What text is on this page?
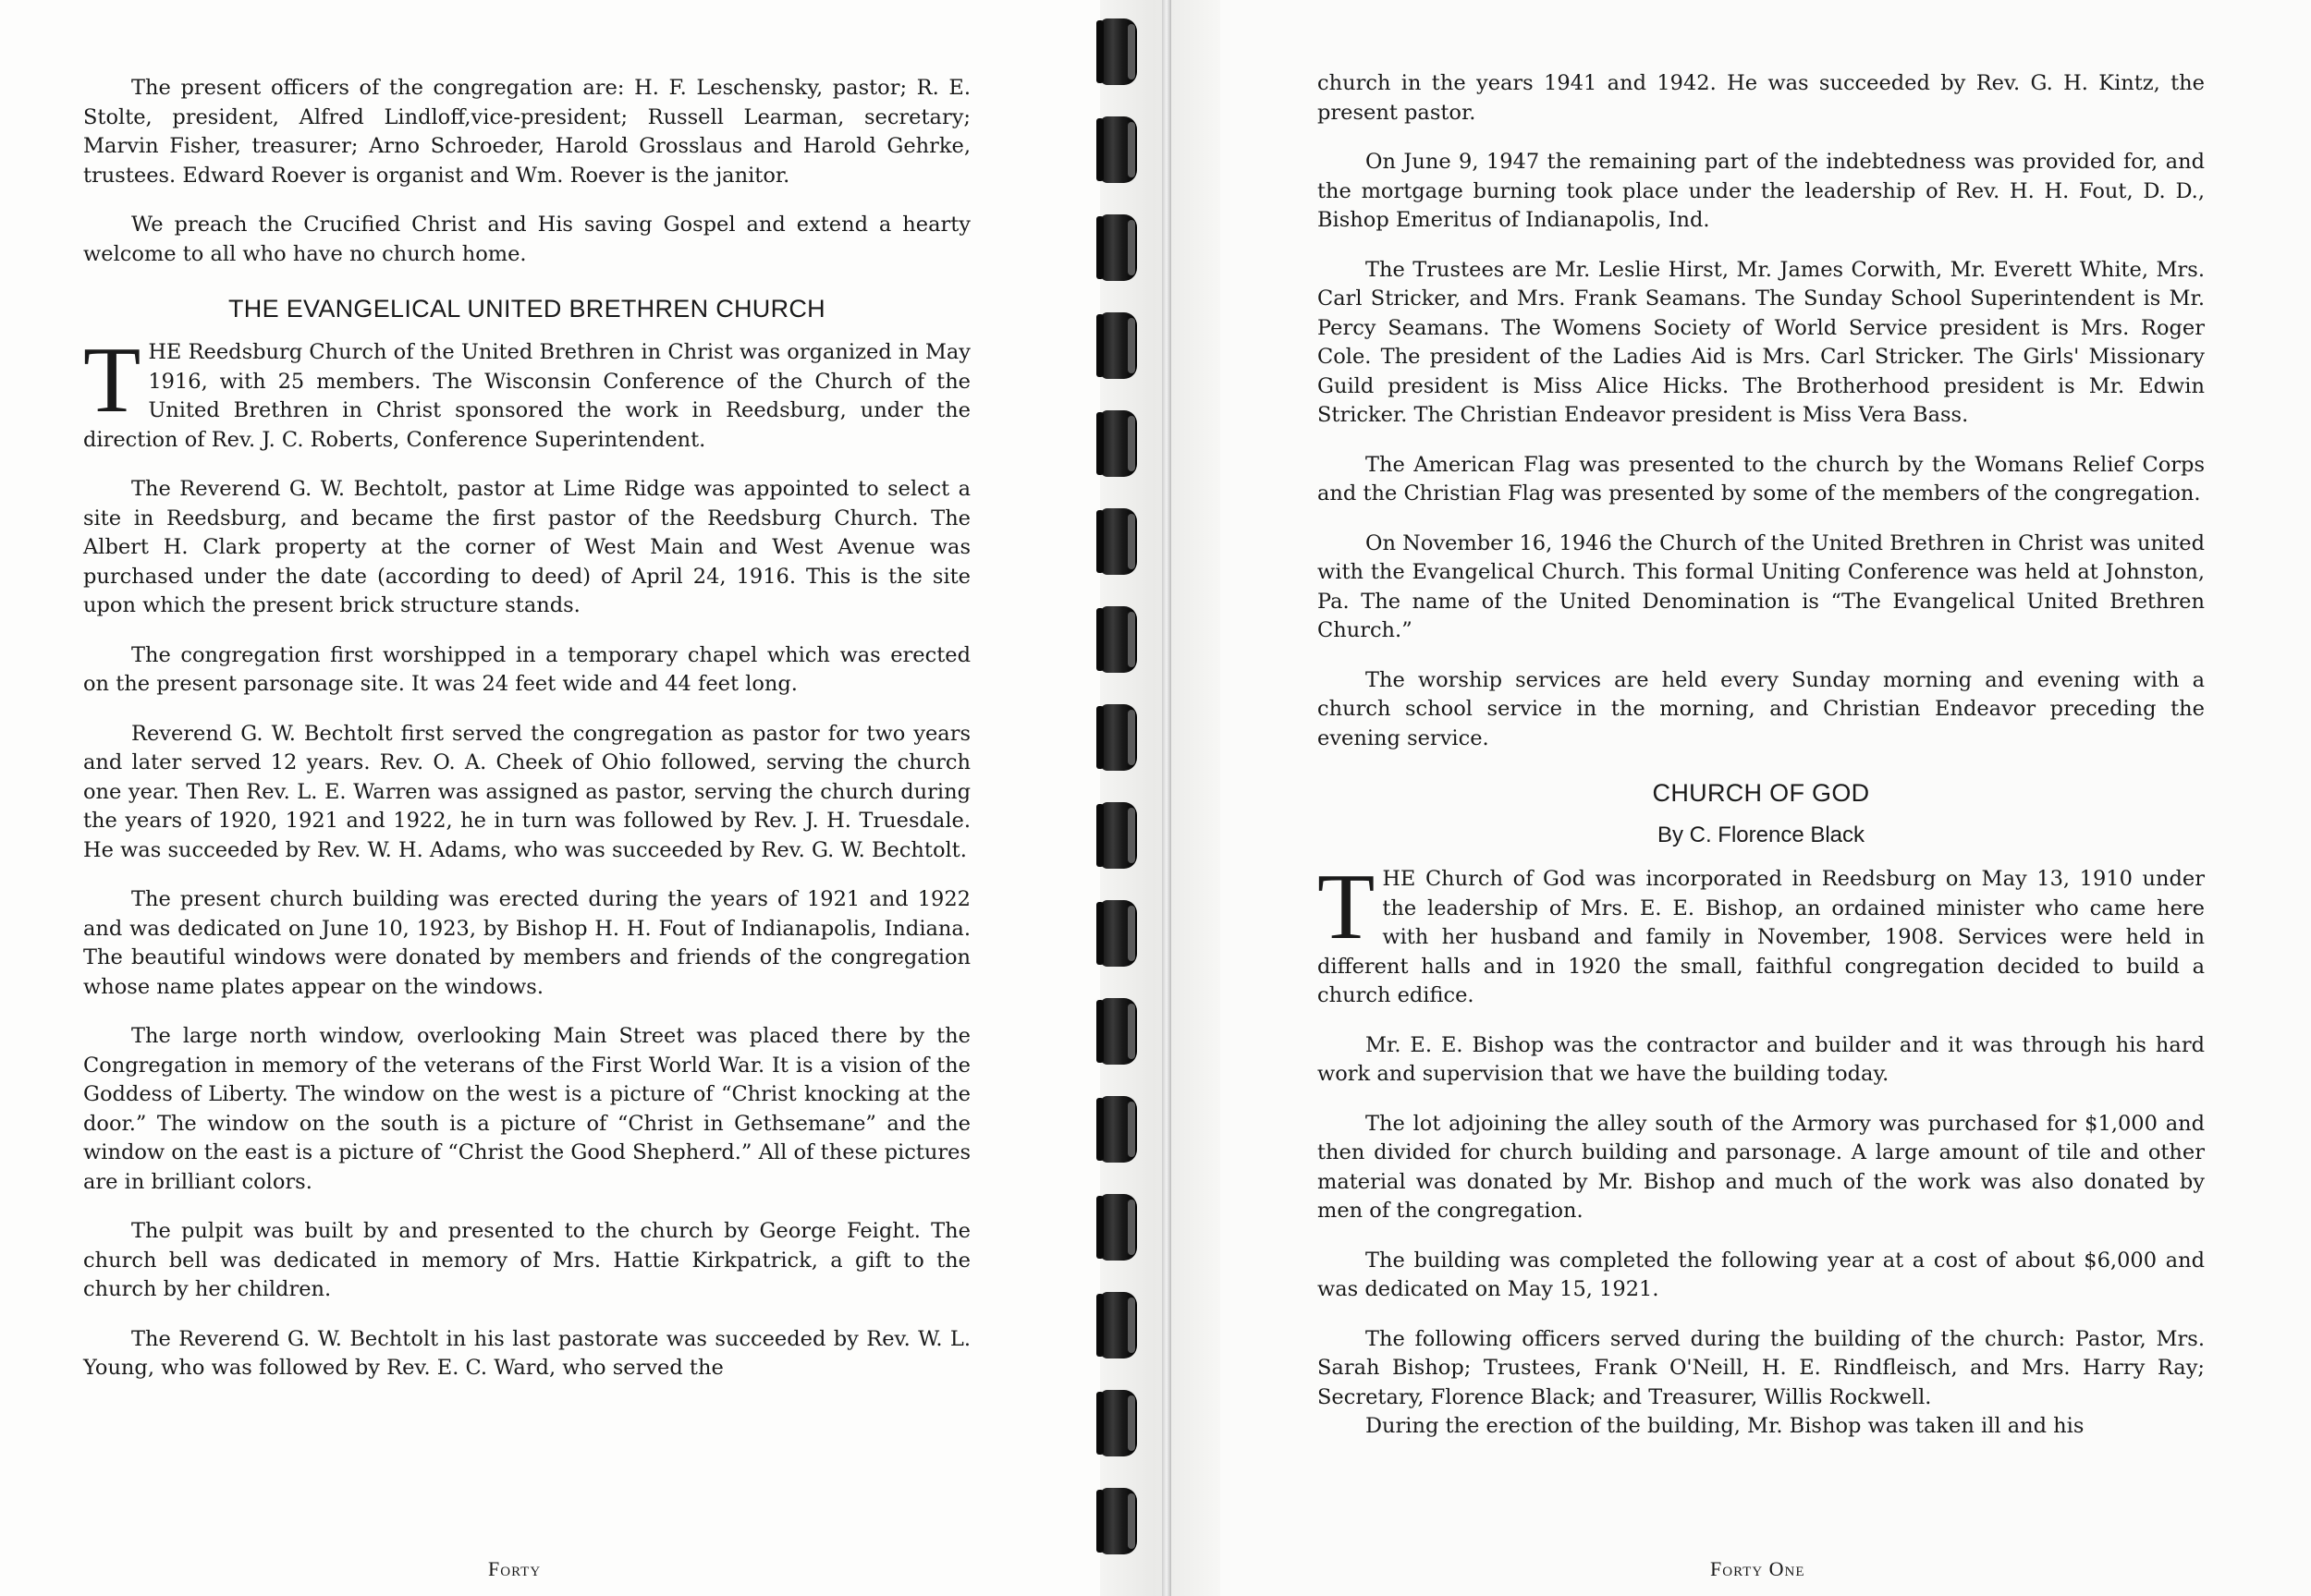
The present officers of the congregation are: H. F. Leschensky, pastor; R. E. Stolte, president, Alfred Lindloff,vice-president; Russell Learman, secretary; Marvin Fisher, treasurer; Arno Schroeder, Harold Grosslaus and Harold Gehrke, trustees. Edward Roever is organist and Wm. Roever is the janitor.

We preach the Crucified Christ and His saving Gospel and extend a hearty welcome to all who have no church home.

THE EVANGELICAL UNITED BRETHREN CHURCH

THE Reedsburg Church of the United Brethren in Christ was organized in May 1916, with 25 members. The Wisconsin Conference of the Church of the United Brethren in Christ sponsored the work in Reedsburg, under the direction of Rev. J. C. Roberts, Conference Superintendent.

The Reverend G. W. Bechtolt, pastor at Lime Ridge was appointed to select a site in Reedsburg, and became the first pastor of the Reedsburg Church. The Albert H. Clark property at the corner of West Main and West Avenue was purchased under the date (according to deed) of April 24, 1916. This is the site upon which the present brick structure stands.

The congregation first worshipped in a temporary chapel which was erected on the present parsonage site. It was 24 feet wide and 44 feet long.

Reverend G. W. Bechtolt first served the congregation as pastor for two years and later served 12 years. Rev. O. A. Cheek of Ohio followed, serving the church one year. Then Rev. L. E. Warren was assigned as pastor, serving the church during the years of 1920, 1921 and 1922, he in turn was followed by Rev. J. H. Truesdale. He was succeeded by Rev. W. H. Adams, who was succeeded by Rev. G. W. Bechtolt.

The present church building was erected during the years of 1921 and 1922 and was dedicated on June 10, 1923, by Bishop H. H. Fout of Indianapolis, Indiana. The beautiful windows were donated by members and friends of the congregation whose name plates appear on the windows.

The large north window, overlooking Main Street was placed there by the Congregation in memory of the veterans of the First World War. It is a vision of the Goddess of Liberty. The window on the west is a picture of “Christ knocking at the door.” The window on the south is a picture of “Christ in Gethsemane” and the window on the east is a picture of “Christ the Good Shepherd.” All of these pictures are in brilliant colors.

The pulpit was built by and presented to the church by George Feight. The church bell was dedicated in memory of Mrs. Hattie Kirkpatrick, a gift to the church by her children.

The Reverend G. W. Bechtolt in his last pastorate was succeeded by Rev. W. L. Young, who was followed by Rev. E. C. Ward, who served the

Forty

church in the years 1941 and 1942. He was succeeded by Rev. G. H. Kintz, the present pastor.

On June 9, 1947 the remaining part of the indebtedness was provided for, and the mortgage burning took place under the leadership of Rev. H. H. Fout, D. D., Bishop Emeritus of Indianapolis, Ind.

The Trustees are Mr. Leslie Hirst, Mr. James Corwith, Mr. Everett White, Mrs. Carl Stricker, and Mrs. Frank Seamans. The Sunday School Superintendent is Mr. Percy Seamans. The Womens Society of World Service president is Mrs. Roger Cole. The president of the Ladies Aid is Mrs. Carl Stricker. The Girls' Missionary Guild president is Miss Alice Hicks. The Brotherhood president is Mr. Edwin Stricker. The Christian Endeavor president is Miss Vera Bass.

The American Flag was presented to the church by the Womans Relief Corps and the Christian Flag was presented by some of the members of the congregation.

On November 16, 1946 the Church of the United Brethren in Christ was united with the Evangelical Church. This formal Uniting Conference was held at Johnston, Pa. The name of the United Denomination is “The Evangelical United Brethren Church.”

The worship services are held every Sunday morning and evening with a church school service in the morning, and Christian Endeavor preceding the evening service.

CHURCH OF GOD
By C. Florence Black

THE Church of God was incorporated in Reedsburg on May 13, 1910 under the leadership of Mrs. E. E. Bishop, an ordained minister who came here with her husband and family in November, 1908. Services were held in different halls and in 1920 the small, faithful congregation decided to build a church edifice.

Mr. E. E. Bishop was the contractor and builder and it was through his hard work and supervision that we have the building today.

The lot adjoining the alley south of the Armory was purchased for $1,000 and then divided for church building and parsonage. A large amount of tile and other material was donated by Mr. Bishop and much of the work was also donated by men of the congregation.

The building was completed the following year at a cost of about $6,000 and was dedicated on May 15, 1921.

The following officers served during the building of the church: Pastor, Mrs. Sarah Bishop; Trustees, Frank O'Neill, H. E. Rindfleisch, and Mrs. Harry Ray; Secretary, Florence Black; and Treasurer, Willis Rockwell.

During the erection of the building, Mr. Bishop was taken ill and his

Forty One
